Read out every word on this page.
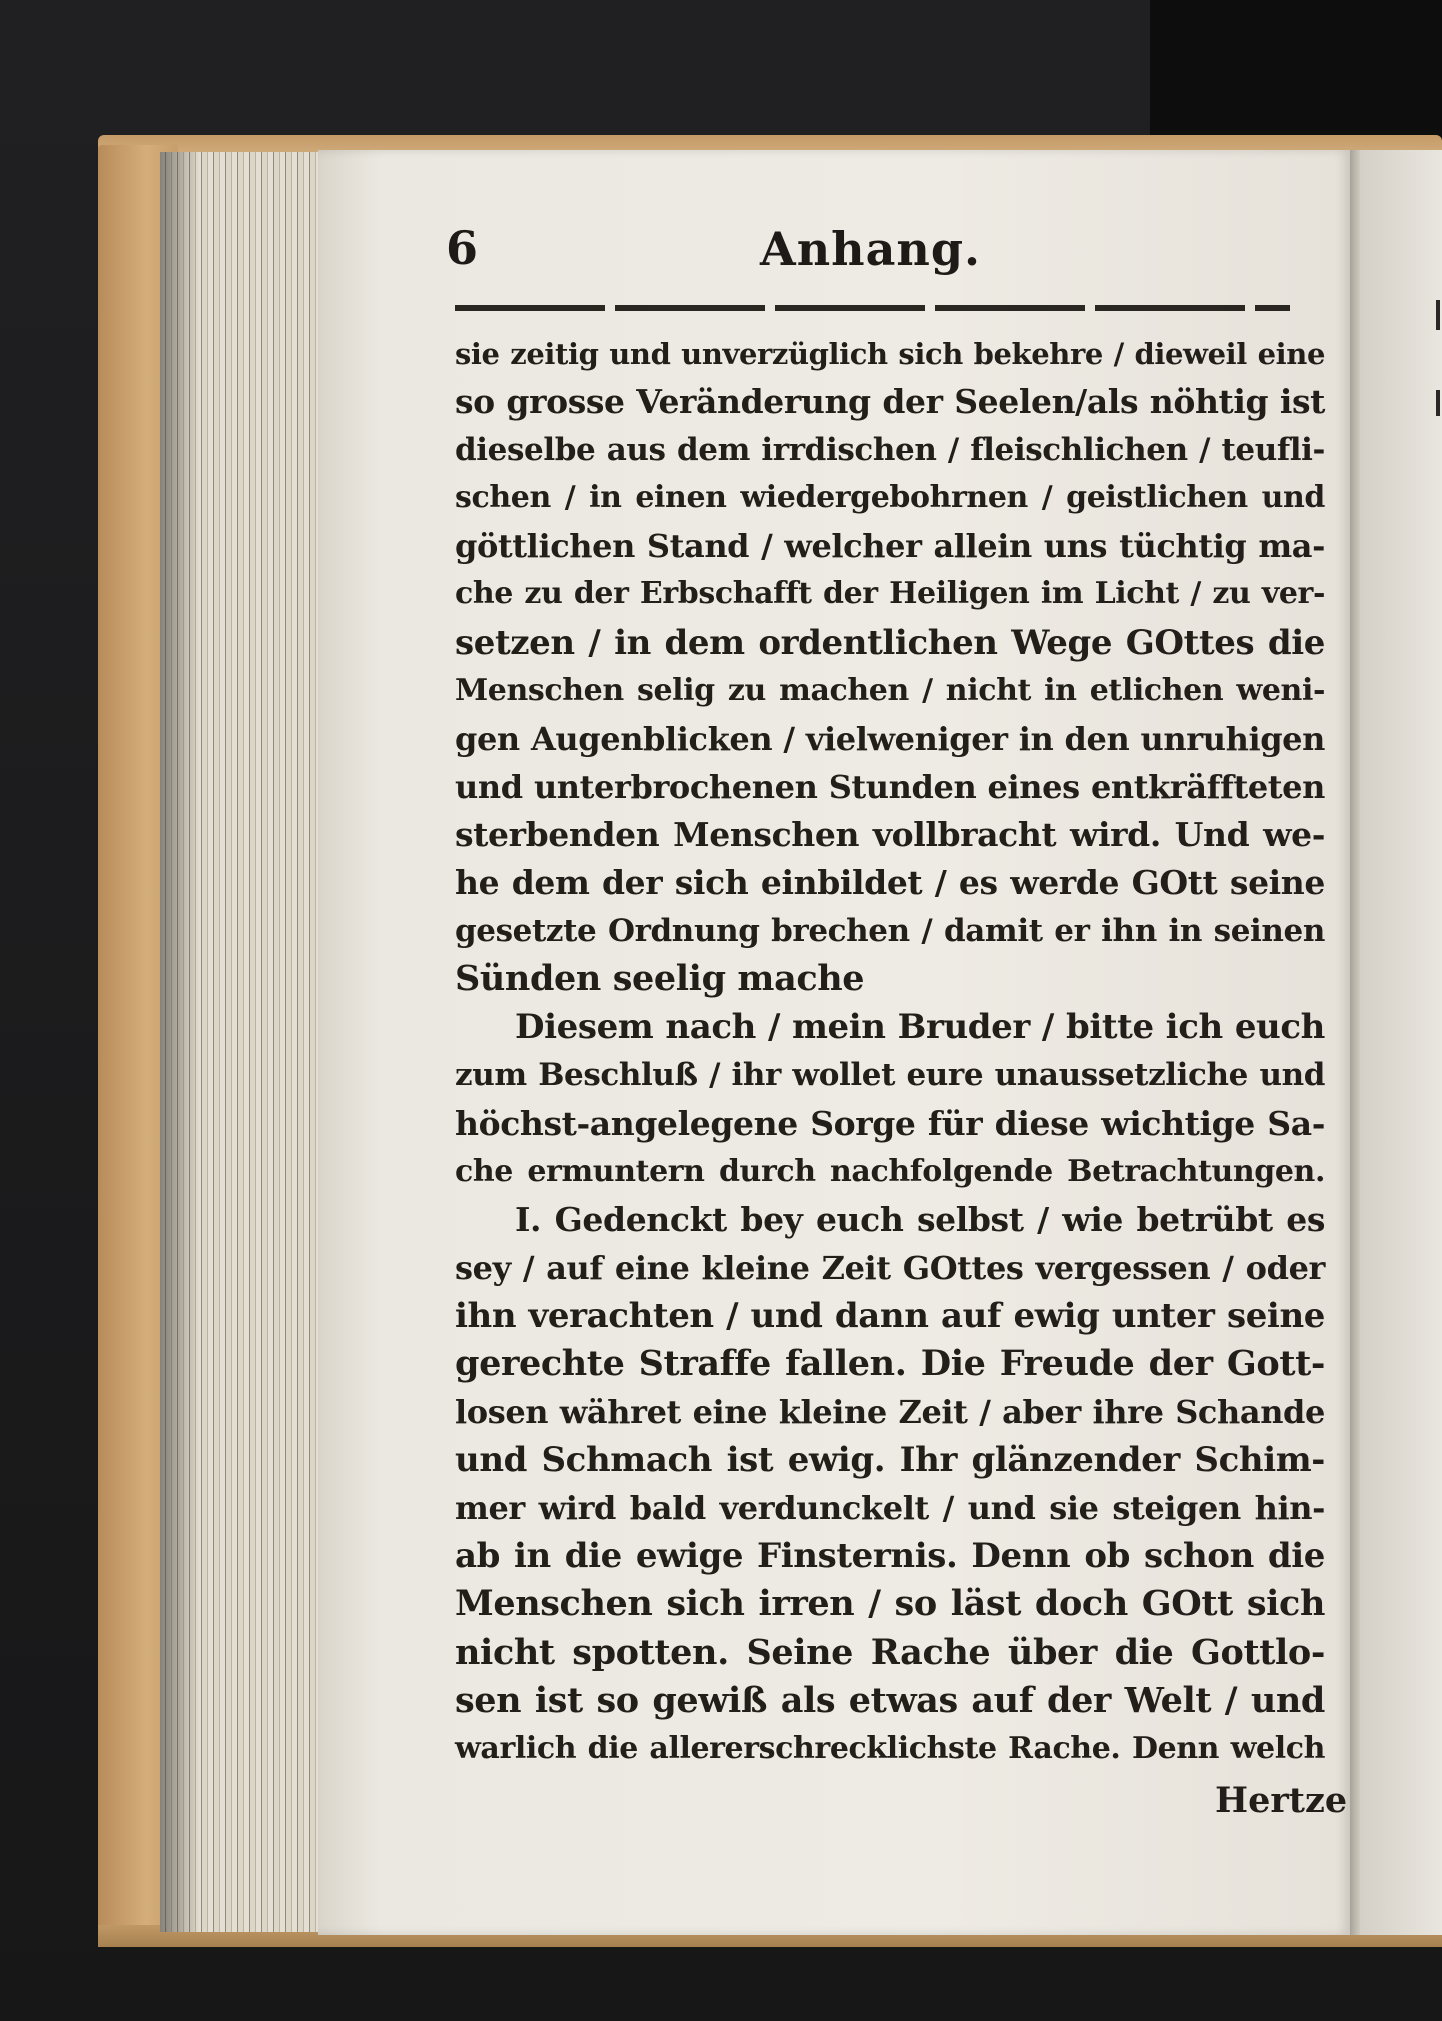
6	Anhang.
sie zeitig und unverzüglich sich bekehre / dieweil eine
so grosse Veränderung der Seelen/als nöhtig ist
dieselbe aus dem irrdischen / fleischlichen / teufli-
schen / in einen wiedergebohrnen / geistlichen und
göttlichen Stand / welcher allein uns tüchtig ma-
che zu der Erbschafft der Heiligen im Licht / zu ver-
setzen / in dem ordentlichen Wege GOttes die
Menschen selig zu machen / nicht in etlichen weni-
gen Augenblicken / vielweniger in den unruhigen
und unterbrochenen Stunden eines entkräffteten
sterbenden Menschen vollbracht wird. Und we-
he dem der sich einbildet / es werde GOtt seine
gesetzte Ordnung brechen / damit er ihn in seinen
Sünden seelig mache
Diesem nach / mein Bruder / bitte ich euch
zum Beschluß / ihr wollet eure unaussetzliche und
höchst-angelegene Sorge für diese wichtige Sa-
che ermuntern durch nachfolgende Betrachtungen.
I. Gedenckt bey euch selbst / wie betrübt es
sey / auf eine kleine Zeit GOttes vergessen / oder
ihn verachten / und dann auf ewig unter seine
gerechte Straffe fallen. Die Freude der Gott-
losen währet eine kleine Zeit / aber ihre Schande
und Schmach ist ewig. Ihr glänzender Schim-
mer wird bald verdunckelt / und sie steigen hin-
ab in die ewige Finsternis. Denn ob schon die
Menschen sich irren / so läst doch GOtt sich
nicht spotten. Seine Rache über die Gottlo-
sen ist so gewiß als etwas auf der Welt / und
warlich die allererschrecklichste Rache. Denn welch
Hertze
